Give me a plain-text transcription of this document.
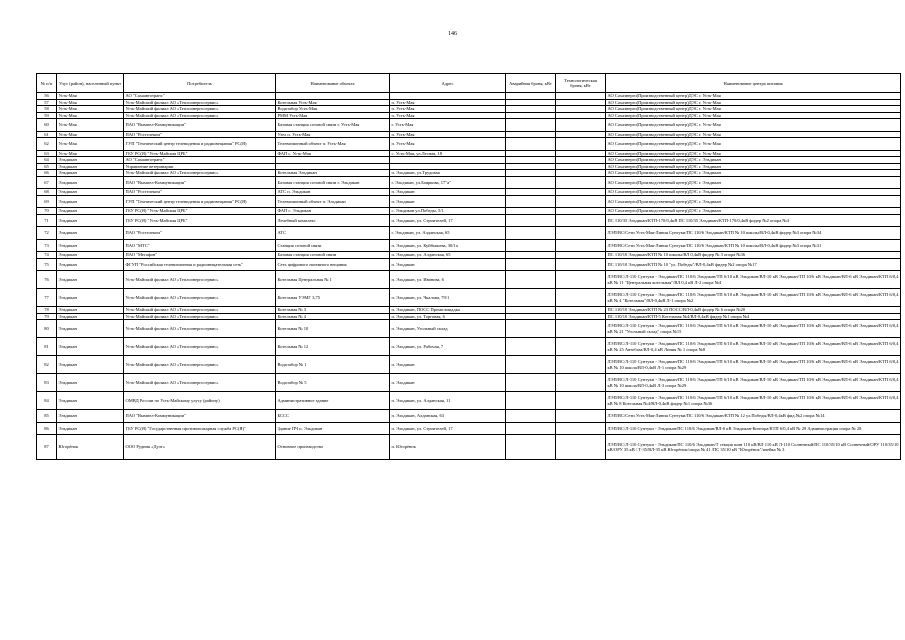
146
№ п/п	Улус (район), населенный пункт	Потребитель	Наименование объекта	Адрес	Аварийная броня, кВт	Технологическая броня, кВт	Наименование центра питания
56	Усть-Мая	АО "Сахаавтотранс"					АО Сахаэнерго(Производственный центр)ДЭС г. Усть-Мая
57	Усть-Мая	Усть-Майский филиал АО «Теплоэнергосервис»	Котельная Усть-Мая	п. Усть-Мая			АО Сахаэнерго(Производственный центр)ДЭС г. Усть-Мая
58	Усть-Мая	Усть-Майский филиал АО «Теплоэнергосервис»	Водозабор Усть-Мая	п. Усть-Мая			АО Сахаэнерго(Производственный центр)ДЭС г. Усть-Мая
59	Усть-Мая	Усть-Майский филиал АО «Теплоэнергосервис»	РММ Усть-Мая	п. Усть-Мая			АО Сахаэнерго(Производственный центр)ДЭС г. Усть-Мая
60	Усть-Мая	ПАО "Вымпел-Коммуникации"	Базовая станция сотовой связи г. Усть-Мая	г. Усть-Мая			АО Сахаэнерго(Производственный центр)ДЭС г. Усть-Мая
61	Усть-Мая	ПАО "Ростелеком"	Узел п. Усть-Мая	п. Усть-Мая			АО Сахаэнерго(Производственный центр)ДЭС г. Усть-Мая
62	Усть-Мая	ГУП "Технический центр телевидения и радиовещания" РС(Я)	Телевизионный объект п. Усть-Мая	п. Усть-Мая			АО Сахаэнерго(Производственный центр)ДЭС г. Усть-Мая
63	Усть-Мая	ГБУ РС(Я) "Усть-Майская ЦРБ"	ФАП с. Усть-Мая	с. Усть-Мая, ул.Лесная, 18			АО Сахаэнерго(Производственный центр)ДЭС г. Усть-Мая
64	Эльдикан	АО "Сахаавтотранс"					АО Сахаэнерго(Производственный центр)ДЭС г. Эльдикан
65	Эльдикан	Управление ветеринарии					АО Сахаэнерго(Производственный центр)ДЭС г. Эльдикан
66	Эльдикан	Усть-Майский филиал АО «Теплоэнергосервис»	Котельная Эльдикан	п. Эльдикан, ул.Трудовая			АО Сахаэнерго(Производственный центр)ДЭС г. Эльдикан
67	Эльдикан	ПАО "Вымпел-Коммуникации"	Базовая станция сотовой связи г. Эльдикан	г. Эльдикан, ул.Бояркова, 17"а"			АО Сахаэнерго(Производственный центр)ДЭС г. Эльдикан
68	Эльдикан	ПАО "Ростелеком"	АТС п. Эльдикан	п. Эльдикан			АО Сахаэнерго(Производственный центр)ДЭС г. Эльдикан
69	Эльдикан	ГУП "Технический центр телевидения и радиовещания" РС(Я)	Телевизионный объект п. Эльдикан	п. Эльдикан			АО Сахаэнерго(Производственный центр)ДЭС г. Эльдикан
70	Эльдикан	ГБУ РС(Я) "Усть-Майская ЦРБ"	ФАП с. Эльдикан	с. Эльдикан ул.Победы, 5/1			АО Сахаэнерго(Производственный центр)ДЭС г. Эльдикан
71	Эльдикан	ГБУ РС(Я) "Усть-Майская ЦРБ"	Лечебный комплекс	п. Эльдикан, ул. Строителей, 17			ПС 110/35 Эльдикан/КТП-170/0,4кВ ПС 110/35 Эльдикан/КТП-170/0,4кВ фидер №2 опора №4
72	Эльдикан	ПАО "Ростелеком"	АТС	г. Эльдикан, ул. Алданская, 65			ЛЭП/ВС/Сети Усть-Мая-Линия Сунтуки/ПС 110/6 Эльдикан/КТП № 10 школы/ВЛ-0,4кВ фидер №3 опора №34
73	Эльдикан	ПАО "МТС"	Станция сотовой связи	п. Эльдикан, ул. Куйбышева, 30/1а			ЛЭП/ВС/Сети Усть-Мая-Линия Сунтуки/ПС 110/6 Эльдикан/КТП № 10 школы/ВЛ-0,4кВ фидер №3 опора №31
74	Эльдикан	ПАО "Мегафон"	Базовая станция сотовой связи	п. Эльдикан, ул. Алданская, 65			ПС 110/10 Эльдикан/КТП № 10 школы/ВЛ 0,4кВ фидер № 3 опора №36
75	Эльдикан	ФГУП "Российская телевизионная и радиовещательная сеть"	Сеть цифрового наземного вещания	п. Эльдикан			ПС 110/10 Эльдикан/КТП № 10 "ул. Победы"/ВЛ-0,4кВ фидер №2 опора №17
76	Эльдикан	Усть-Майский филиал АО «Теплоэнергосервис»	Котельная Центральная № 1	п. Эльдикан, ул. Иванова, 6			ЛЭП/ВС/Л-110 Сунтуки - Эльдикан/ПС 110/6 Эльдикан/ТП 6/10 кВ Эльдикан/ВЛ-10 кВ Эльдикан/ТП 10/6 кВ Эльдикан/ВЛ-6 кВ Эльдикан/КТП 6/0,4 кВ № 11 "Центральная котельная"/ВЛ 0,4 кВ Л-2 опора №4
77	Эльдикан	Усть-Майский филиал АО «Теплоэнергосервис»	Котельная УЭМГ 3,75	п. Эльдикан, ул. Чкалова, 79/1			ЛЭП/ВС/Л-110 Сунтуки - Эльдикан/ПС 110/6 Эльдикан/ТП 6/10 кВ Эльдикан/ВЛ-10 кВ Эльдикан/ТП 10/6 кВ Эльдикан/ВЛ-6 кВ Эльдикан/КТП 6/0,4 кВ № 4 "Котельная"/ВЛ-0,4кВ Л-1 опора №2
78	Эльдикан	Усть-Майский филиал АО «Теплоэнергосервис»	Котельная № 3	п. Эльдикан, ПОСС Промплощадка			ПС 110/10 Эльдикан/КТП № 23 ПОСС/ВЛ-0,4кВ фидер № 6 опора №20
79	Эльдикан	Усть-Майский филиал АО «Теплоэнергосервис»	Котельная № 4	п. Эльдикан, ул. Торговая, 6			ПС 110/10 Эльдикан/КТП-5 Котельная №4/ВЛ-0,4кВ фидер №1 опора №4
80	Эльдикан	Усть-Майский филиал АО «Теплоэнергосервис»	Котельная № 10	п. Эльдикан, Угольный склад			ЛЭП/ВС/Л-110 Сунтуки - Эльдикан/ПС 110/6 Эльдикан/ТП 6/10 кВ Эльдикан/ВЛ-10 кВ Эльдикан/ТП 10/6 кВ Эльдикан/ВЛ-6 кВ Эльдикан/КТП 6/0,4 кВ № 21 "Угольный склад" опора №15
81	Эльдикан	Усть-Майский филиал АО «Теплоэнергосервис»	Котельная № 12	п. Эльдикан, ул. Рабочая, 7			ЛЭП/ВС/Л-110 Сунтуки - Эльдикан/ПС 110/6 Эльдикан/ТП 6/10 кВ Эльдикан/ВЛ-10 кВ Эльдикан/ТП 10/6 кВ Эльдикан/ВЛ-6 кВ Эльдикан/КТП 6/0,4 кВ № 25 Автобаза/ВЛ-0,4 кВ Линия № 1 опора №8
82	Эльдикан	Усть-Майский филиал АО «Теплоэнергосервис»	Водозабор № 1	п. Эльдикан			ЛЭП/ВС/Л-110 Сунтуки - Эльдикан/ПС 110/6 Эльдикан/ТП 6/10 кВ Эльдикан/ВЛ-10 кВ Эльдикан/ТП 10/6 кВ Эльдикан/ВЛ-6 кВ Эльдикан/КТП 6/0,4 кВ № 10 школа/ВЛ-0,4кВ Л-1 опора №29
83	Эльдикан	Усть-Майский филиал АО «Теплоэнергосервис»	Водозабор № 5	п. Эльдикан			ЛЭП/ВС/Л-110 Сунтуки - Эльдикан/ПС 110/6 Эльдикан/ТП 6/10 кВ Эльдикан/ВЛ-10 кВ Эльдикан/ТП 10/6 кВ Эльдикан/ВЛ-6 кВ Эльдикан/КТП 6/0,4 кВ № 10 школа/ВЛ-0,4кВ Л-3 опора №29
84	Эльдикан	ОМВД России по Усть-Майскому улусу (району)	Административное здание	п. Эльдикан, ул. Алданская, 11			ЛЭП/ВС/Л-110 Сунтуки - Эльдикан/ПС 110/6 Эльдикан/ТП 6/10 кВ Эльдикан/ВЛ-10 кВ Эльдикан/ТП 10/6 кВ Эльдикан/ВЛ-6 кВ Эльдикан/КТП 6/0,4 кВ № 8 Котельная №4/ВЛ-0,4кВ фидер №1 опора №36
85	Эльдикан	ПАО "Вымпел-Коммуникации"	БССС	п. Эльдикан, Алданская, 63			ЛЭП/ВС/Сети Усть-Мая-Линия Сунтуки/ПС 110/6 Эльдикан/КТП № 12 ул.Победы/ВЛ-0,4кВ фид.№2 опора №14
86	Эльдикан	ГБУ РС(Я) "Государственная противопожарная служба РС(Я)"	Здание ПЧ п. Эльдикан	п. Эльдикан, ул. Строителей, 17			ЛЭП/ВС/Л-110 Сунтуки - Эльдикан/ПС 110/6 Эльдикан/ВЛ-6 кВ Эльдикан-Контора/КТП 6/0,4 кВ № 29 Администрация опора № 28
87	Югорёнок	ООО Рудник «Дуэт»	Основное производство	п. Югорёнок			ЛЭП/ВС/Л-110 Сунтуки - Эльдикан/ПС 110/6 Эльдикан/Т секция шин 110 кВ/ВЛ 110 кВ Л-110 Солнечный/ПС 110/35/10 кВ Солнечный/ОРУ 110/35/10 кВ/ОРУ 35 кВ / Т-35/ВЛ-35 кВ Югорёнок/опора № 41 /ПС 35/10 кВ "Югорёнок"/ячейка № 3
